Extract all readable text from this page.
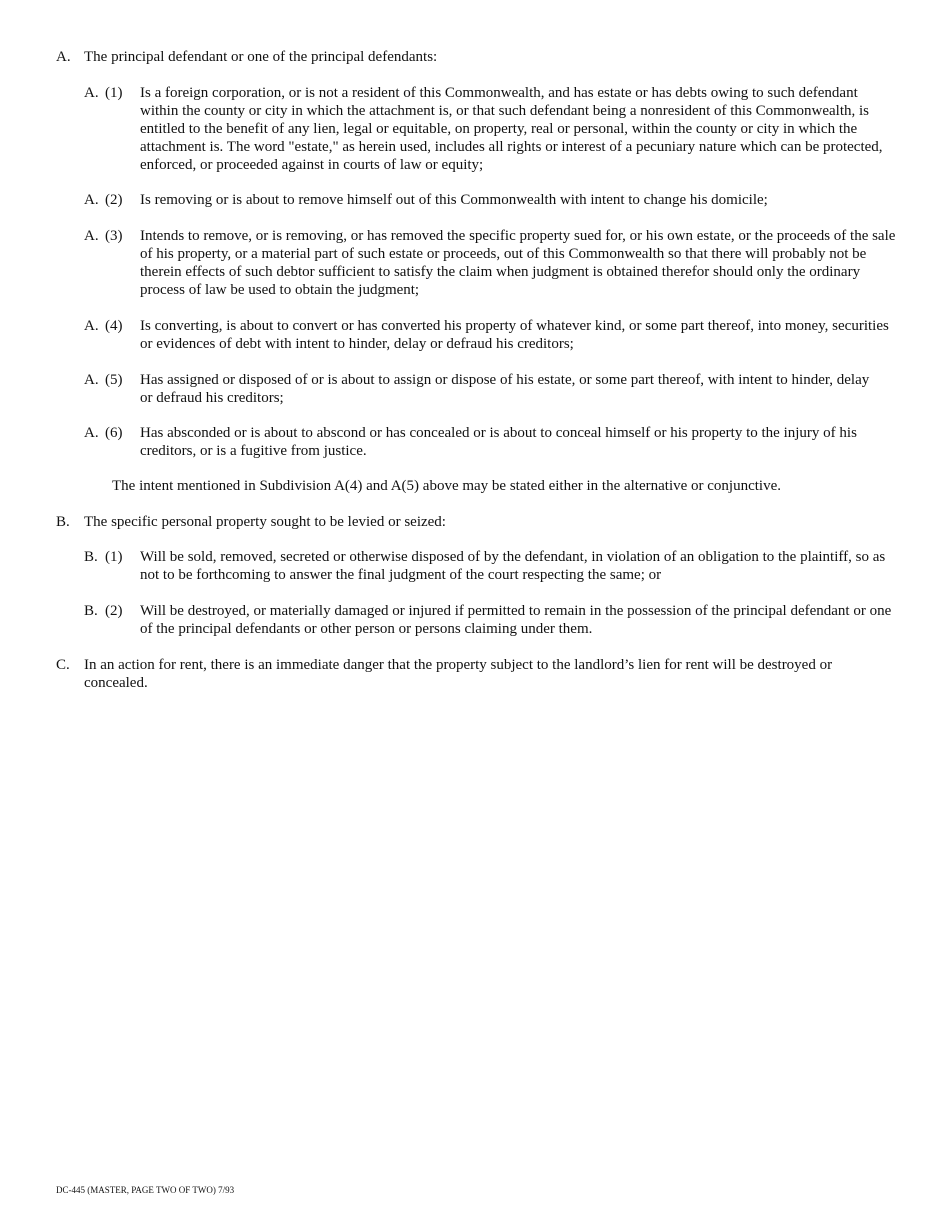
A. The principal defendant or one of the principal defendants:
A. (1) Is a foreign corporation, or is not a resident of this Commonwealth, and has estate or has debts owing to such defendant within the county or city in which the attachment is, or that such defendant being a nonresident of this Commonwealth, is entitled to the benefit of any lien, legal or equitable, on property, real or personal, within the county or city in which the attachment is. The word "estate," as herein used, includes all rights or interest of a pecuniary nature which can be protected, enforced, or proceeded against in courts of law or equity;
A. (2) Is removing or is about to remove himself out of this Commonwealth with intent to change his domicile;
A. (3) Intends to remove, or is removing, or has removed the specific property sued for, or his own estate, or the proceeds of the sale of his property, or a material part of such estate or proceeds, out of this Commonwealth so that there will probably not be therein effects of such debtor sufficient to satisfy the claim when judgment is obtained therefor should only the ordinary process of law be used to obtain the judgment;
A. (4) Is converting, is about to convert or has converted his property of whatever kind, or some part thereof, into money, securities or evidences of debt with intent to hinder, delay or defraud his creditors;
A. (5) Has assigned or disposed of or is about to assign or dispose of his estate, or some part thereof, with intent to hinder, delay or defraud his creditors;
A. (6) Has absconded or is about to abscond or has concealed or is about to conceal himself or his property to the injury of his creditors, or is a fugitive from justice.
The intent mentioned in Subdivision A(4) and A(5) above may be stated either in the alternative or conjunctive.
B. The specific personal property sought to be levied or seized:
B. (1) Will be sold, removed, secreted or otherwise disposed of by the defendant, in violation of an obligation to the plaintiff, so as not to be forthcoming to answer the final judgment of the court respecting the same; or
B. (2) Will be destroyed, or materially damaged or injured if permitted to remain in the possession of the principal defendant or one of the principal defendants or other person or persons claiming under them.
C. In an action for rent, there is an immediate danger that the property subject to the landlord’s lien for rent will be destroyed or concealed.
DC-445 (MASTER, PAGE TWO OF TWO) 7/93
